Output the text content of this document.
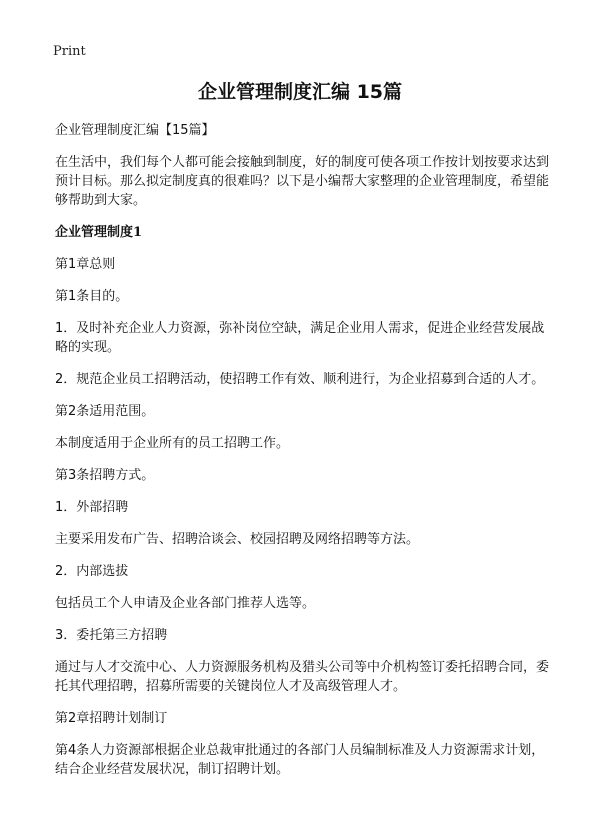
Print
企业管理制度汇编 15篇

企业管理制度汇编【15篇】

在生活中，我们每个人都可能会接触到制度，好的制度可使各项工作按计划按要求达到预计目标。那么拟定制度真的很难吗？以下是小编帮大家整理的企业管理制度，希望能够帮助到大家。

企业管理制度1

第1章总则

第1条目的。

1．及时补充企业人力资源，弥补岗位空缺，满足企业用人需求，促进企业经营发展战略的实现。

2．规范企业员工招聘活动，使招聘工作有效、顺利进行，为企业招募到合适的人才。

第2条适用范围。

本制度适用于企业所有的员工招聘工作。

第3条招聘方式。

1．外部招聘

主要采用发布广告、招聘洽谈会、校园招聘及网络招聘等方法。

2．内部选拔

包括员工个人申请及企业各部门推荐人选等。

3．委托第三方招聘

通过与人才交流中心、人力资源服务机构及猎头公司等中介机构签订委托招聘合同，委托其代理招聘，招募所需要的关键岗位人才及高级管理人才。

第2章招聘计划制订

第4条人力资源部根据企业总裁审批通过的各部门人员编制标准及人力资源需求计划，结合企业经营发展状况，制订招聘计划。
